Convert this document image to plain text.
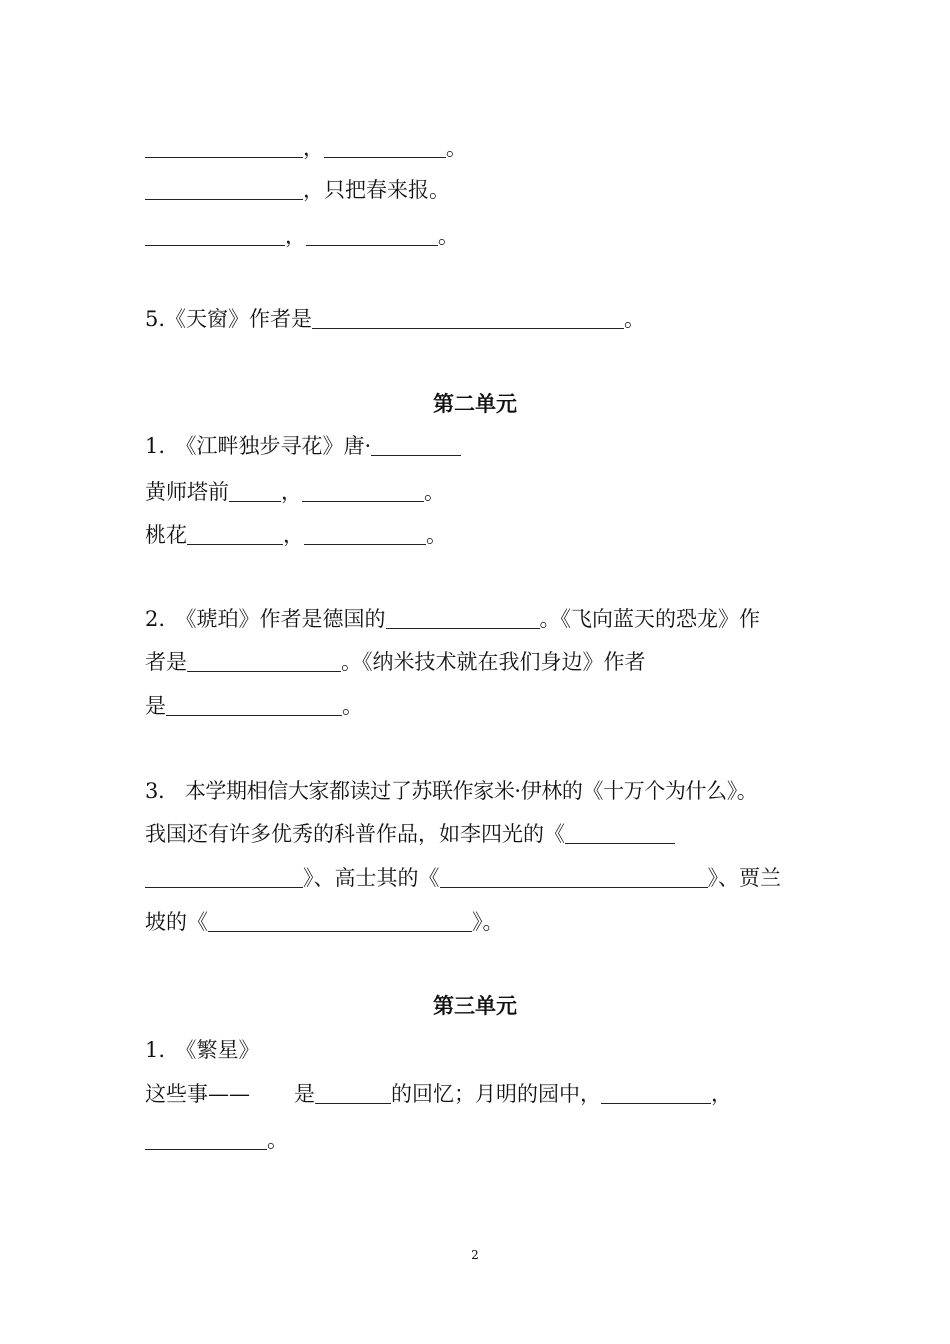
，	。
，只把春来报。
，	。
5.《天窗》作者是	。
第二单元
1.　《江畔独步寻花》唐·
黄师塔前 ，	。
桃花	，	。
2.　《琥珀》作者是德国的	。《飞向蓝天的恐龙》作
者是	。《纳米技术就在我们身边》作者
是	。
3.　本学期相信大家都读过了苏联作家米·伊林的《十万个为什么》。
我国还有许多优秀的科普作品，如李四光的《
》、高士其的《	》、贾兰
坡的《	》。
第三单元
1.　《繁星》
这些事—— 是	的回忆；月明的园中，	，
。
2
